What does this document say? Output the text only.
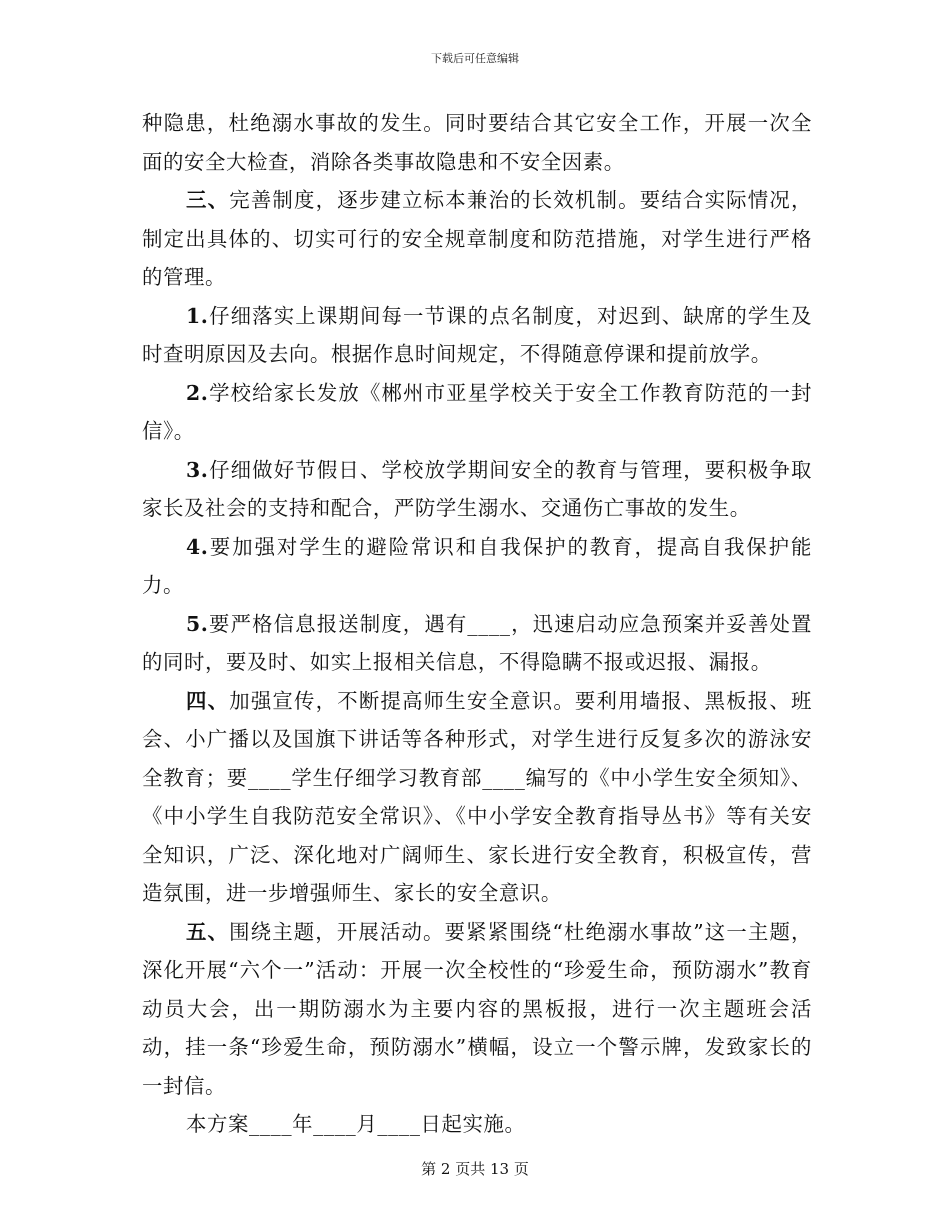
下载后可任意编辑

种隐患，杜绝溺水事故的发生。同时要结合其它安全工作，开展一次全面的安全大检查，消除各类事故隐患和不安全因素。

三、完善制度，逐步建立标本兼治的长效机制。要结合实际情况，制定出具体的、切实可行的安全规章制度和防范措施，对学生进行严格的管理。

1.仔细落实上课期间每一节课的点名制度，对迟到、缺席的学生及时查明原因及去向。根据作息时间规定，不得随意停课和提前放学。

2.学校给家长发放《郴州市亚星学校关于安全工作教育防范的一封信》。

3.仔细做好节假日、学校放学期间安全的教育与管理，要积极争取家长及社会的支持和配合，严防学生溺水、交通伤亡事故的发生。

4.要加强对学生的避险常识和自我保护的教育，提高自我保护能力。

5.要严格信息报送制度，遇有____，迅速启动应急预案并妥善处置的同时，要及时、如实上报相关信息，不得隐瞒不报或迟报、漏报。

四、加强宣传，不断提高师生安全意识。要利用墙报、黑板报、班会、小广播以及国旗下讲话等各种形式，对学生进行反复多次的游泳安全教育；要____学生仔细学习教育部____编写的《中小学生安全须知》、《中小学生自我防范安全常识》、《中小学安全教育指导丛书》等有关安全知识，广泛、深化地对广阔师生、家长进行安全教育，积极宣传，营造氛围，进一步增强师生、家长的安全意识。

五、围绕主题，开展活动。要紧紧围绕“杜绝溺水事故”这一主题，深化开展“六个一”活动：开展一次全校性的“珍爱生命，预防溺水”教育动员大会，出一期防溺水为主要内容的黑板报，进行一次主题班会活动，挂一条“珍爱生命，预防溺水”横幅，设立一个警示牌，发致家长的一封信。

本方案____年____月____日起实施。

第 2 页共 13 页
